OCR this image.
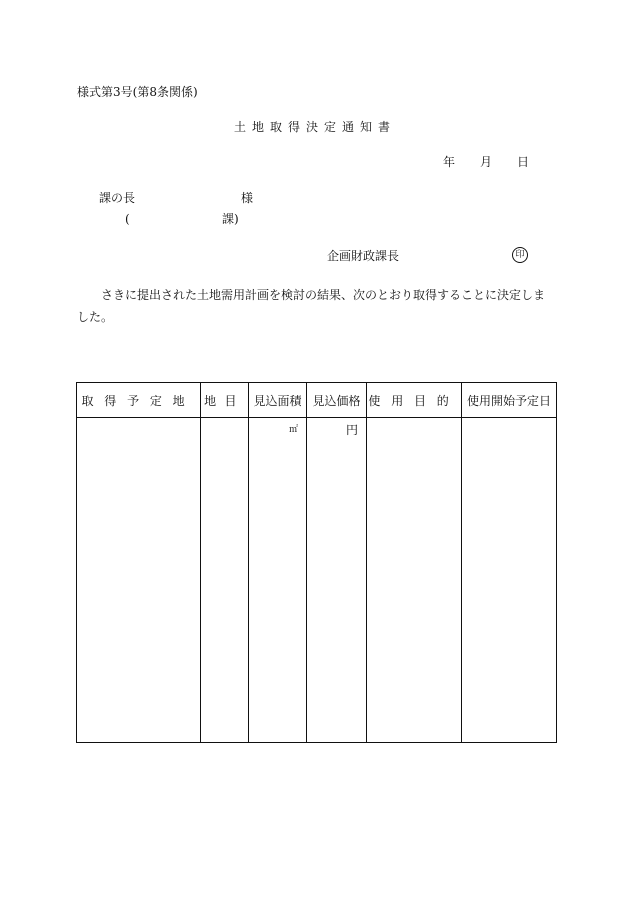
様式第3号(第8条関係)
土地取得決定通知書
年 月 日
課の長	様
(	課)
企画財政課長	印
さきに提出された土地需用計画を検討の結果、次のとおり取得することに決定しました。
取得予定地	地目	見込面積	見込価格	使用目的	使用開始予定日
		㎡	円		
